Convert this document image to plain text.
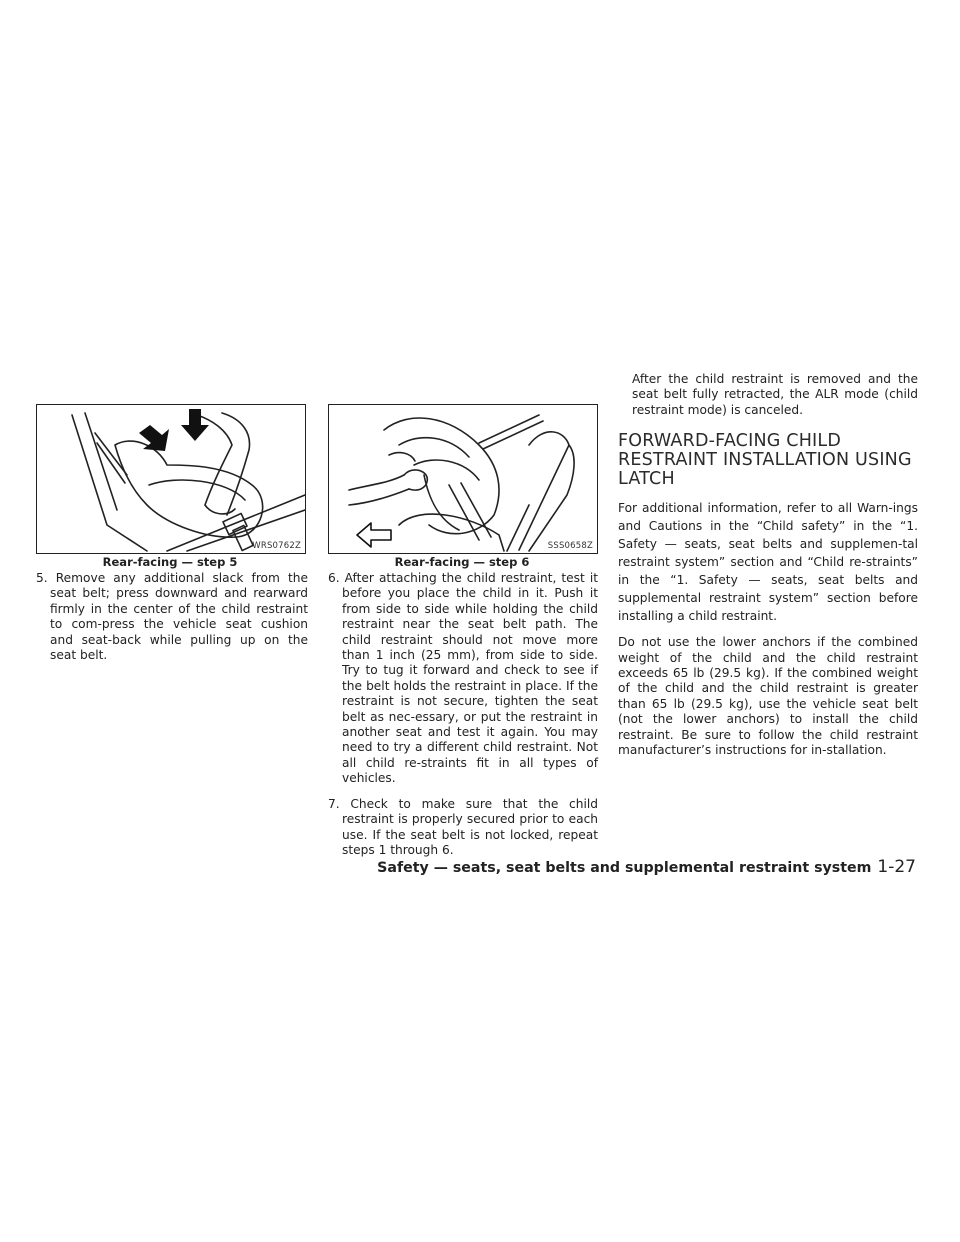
WRS0762Z
Rear-facing — step 5

5. Remove any additional slack from the seat belt; press downward and rearward firmly in the center of the child restraint to com-press the vehicle seat cushion and seat-back while pulling up on the seat belt.

SSS0658Z
Rear-facing — step 6

6. After attaching the child restraint, test it before you place the child in it. Push it from side to side while holding the child restraint near the seat belt path. The child restraint should not move more than 1 inch (25 mm), from side to side. Try to tug it forward and check to see if the belt holds the restraint in place. If the restraint is not secure, tighten the seat belt as nec-essary, or put the restraint in another seat and test it again. You may need to try a different child restraint. Not all child re-straints fit in all types of vehicles.

7. Check to make sure that the child restraint is properly secured prior to each use. If the seat belt is not locked, repeat steps 1 through 6.

After the child restraint is removed and the seat belt fully retracted, the ALR mode (child restraint mode) is canceled.

FORWARD-FACING CHILD RESTRAINT INSTALLATION USING LATCH

For additional information, refer to all Warn-ings and Cautions in the “Child safety” in the “1. Safety — seats, seat belts and supplemen-tal restraint system” section and “Child re-straints” in the “1. Safety — seats, seat belts and supplemental restraint system” section before installing a child restraint.

Do not use the lower anchors if the combined weight of the child and the child restraint exceeds 65 lb (29.5 kg). If the combined weight of the child and the child restraint is greater than 65 lb (29.5 kg), use the vehicle seat belt (not the lower anchors) to install the child restraint. Be sure to follow the child restraint manufacturer’s instructions for in-stallation.

Safety — seats, seat belts and supplemental restraint system 1-27
